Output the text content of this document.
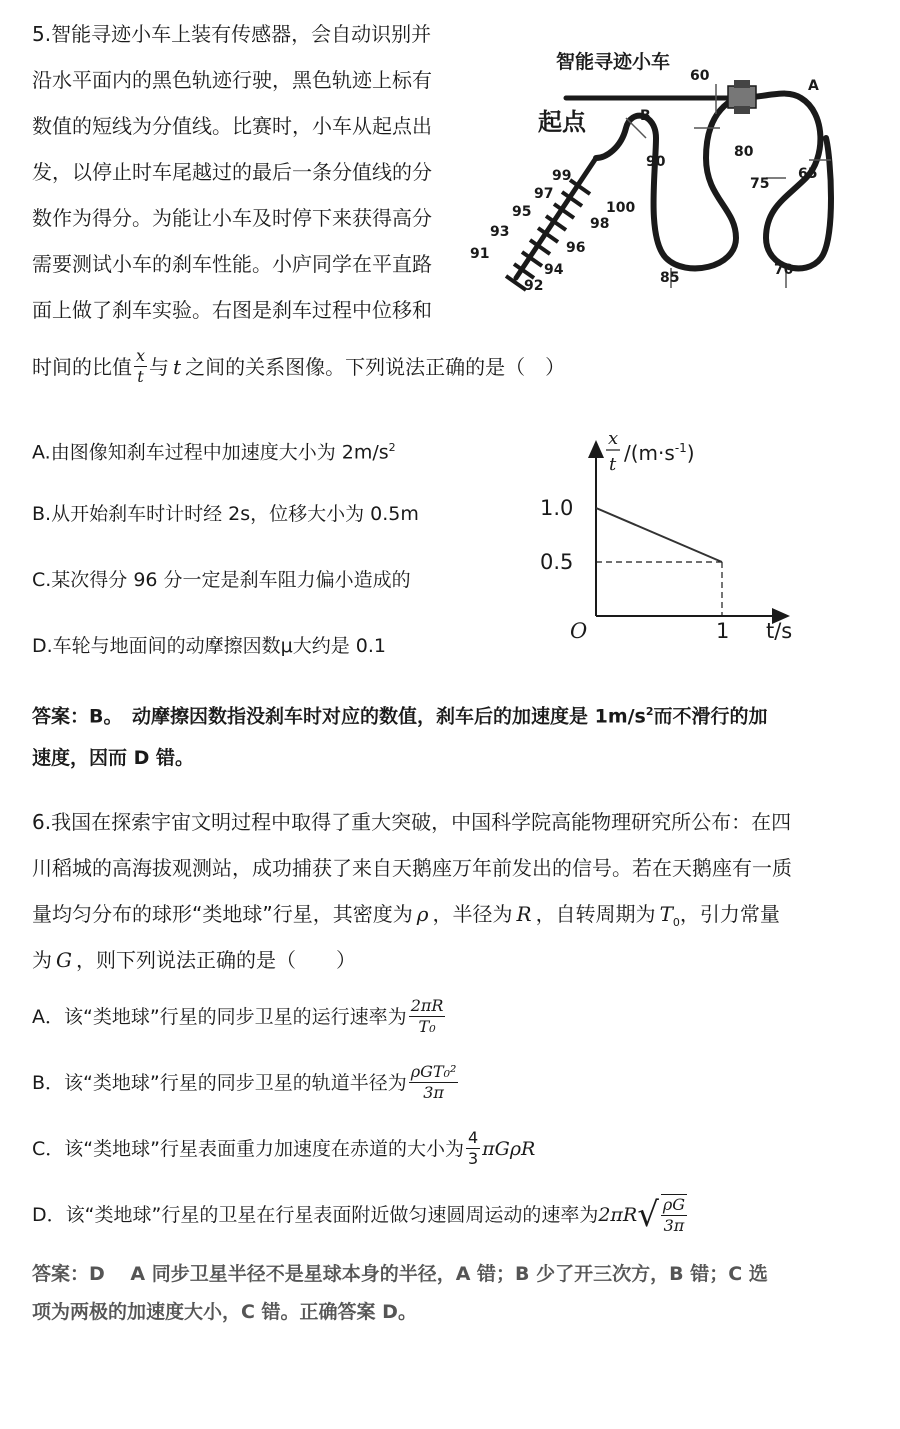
5.智能寻迹小车上装有传感器，会自动识别并
沿水平面内的黑色轨迹行驶，黑色轨迹上标有
数值的短线为分值线。比赛时，小车从起点出
发，以停止时车尾越过的最后一条分值线的分
数作为得分。为能让小车及时停下来获得高分
需要测试小车的刹车性能。小庐同学在平直路
面上做了刹车实验。右图是刹车过程中位移和
时间的比值 $\frac{x}{t}$ 与 t 之间的关系图像。下列说法正确的是（　）
智能寻迹小车
起点
60
A
B
90
80
75
65
99
97
100
98
95
93
96
91
94
92	85	70
A.由图像知刹车过程中加速度大小为 $2m/s^2$
B.从开始刹车时计时经 2s，位移大小为 0.5m
C.某次得分 96 分一定是刹车阻力偏小造成的
D.车轮与地面间的动摩擦因数μ大约是 0.1
x
t $/(m\cdot s^{-1})$
1.0
0.5
O	1 t/s
答案：B。　动摩擦因数指没刹车时对应的数值，刹车后的加速度是 $1m/s^2$而不滑行的加
速度，因而 D 错。
6.我国在探索宇宙文明过程中取得了重大突破，中国科学院高能物理研究所公布：在四
川稻城的高海拔观测站，成功捕获了来自天鹅座万年前发出的信号。若在天鹅座有一质
量均匀分布的球形“类地球”行星，其密度为 ρ ，半径为 R ，自转周期为 $T_0$，引力常量
为 G ，则下列说法正确的是（　　）
A．该“类地球”行星的同步卫星的运行速率为 $\frac{2\pi R}{\text{T₀}}$
B．该“类地球”行星的同步卫星的轨道半径为 $\frac{\text{ρGT₀²}}{3\pi}$
C．该“类地球”行星表面重力加速度在赤道的大小为 $\frac{4}{3}$ πGρR
D．该“类地球”行星的卫星在行星表面附近做匀速圆周运动的速率为 2πR √ $\frac{\rho G}{3\pi}$
答案：D　 A 同步卫星半径不是星球本身的半径，A 错；B 少了开三次方，B 错；C 选
项为两极的加速度大小，C 错。正确答案 D。
